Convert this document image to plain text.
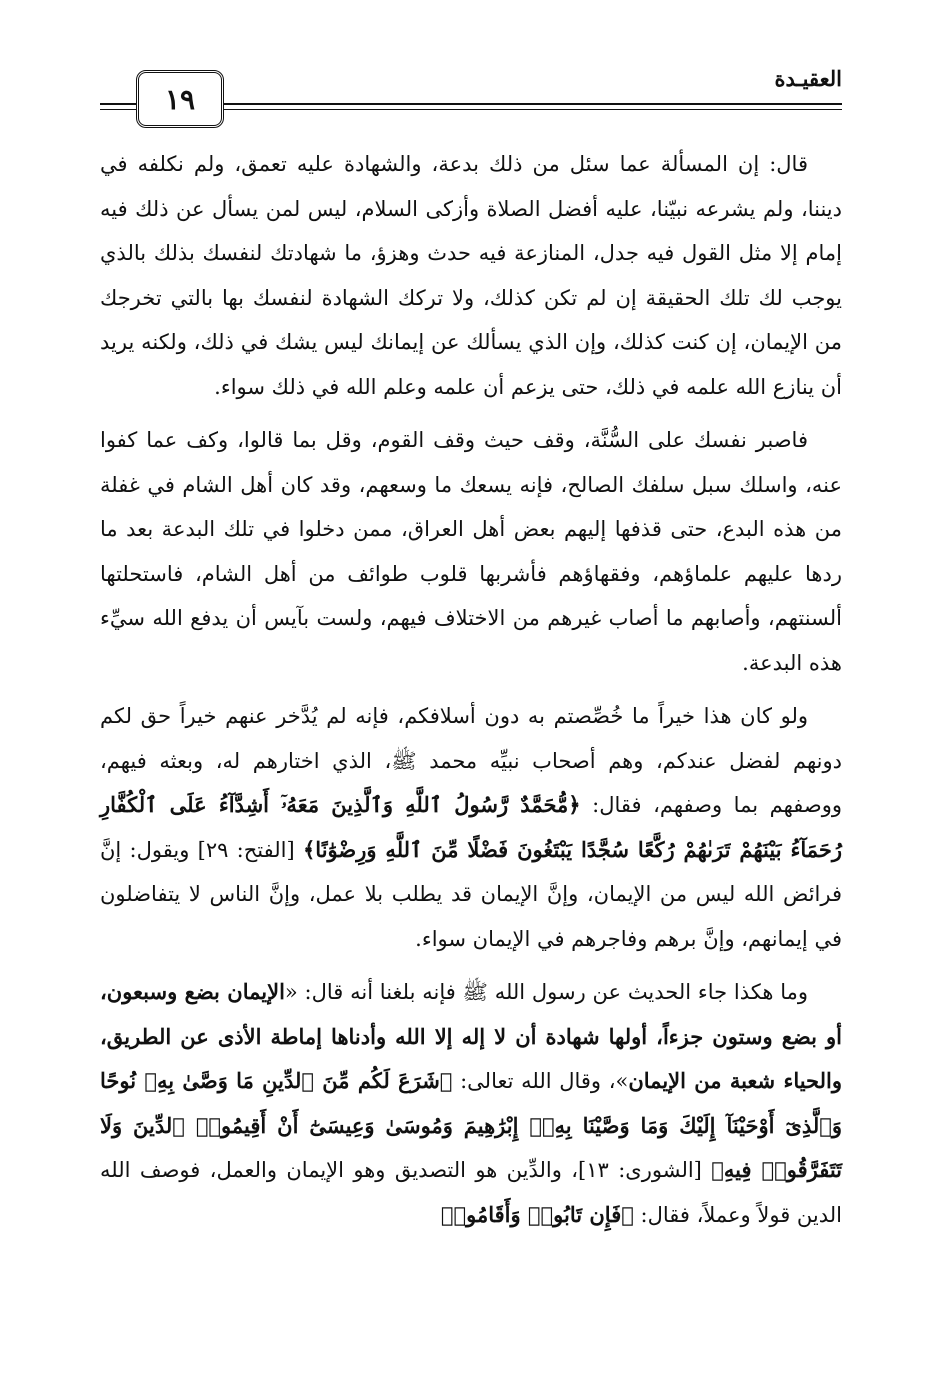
العقيـدة
١٩

قال: إن المسألة عما سئل من ذلك بدعة، والشهادة عليه تعمق، ولم نكلفه في ديننا، ولم يشرعه نبيّنا، عليه أفضل الصلاة وأزكى السلام، ليس لمن يسأل عن ذلك فيه إمام إلا مثل القول فيه جدل، المنازعة فيه حدث وهزؤ، ما شهادتك لنفسك بذلك بالذي يوجب لك تلك الحقيقة إن لم تكن كذلك، ولا تركك الشهادة لنفسك بها بالتي تخرجك من الإيمان، إن كنت كذلك، وإن الذي يسألك عن إيمانك ليس يشك في ذلك، ولكنه يريد أن ينازع الله علمه في ذلك، حتى يزعم أن علمه وعلم الله في ذلك سواء.

فاصبر نفسك على السُّنَّة، وقف حيث وقف القوم، وقل بما قالوا، وكف عما كفوا عنه، واسلك سبل سلفك الصالح، فإنه يسعك ما وسعهم، وقد كان أهل الشام في غفلة من هذه البدع، حتى قذفها إليهم بعض أهل العراق، ممن دخلوا في تلك البدعة بعد ما ردها عليهم علماؤهم، وفقهاؤهم فأشربها قلوب طوائف من أهل الشام، فاستحلتها ألسنتهم، وأصابهم ما أصاب غيرهم من الاختلاف فيهم، ولست بآيس أن يدفع الله سيِّء هذه البدعة.

ولو كان هذا خيراً ما خُصِّصتم به دون أسلافكم، فإنه لم يُدَّخر عنهم خيراً حق لكم دونهم لفضل عندكم، وهم أصحاب نبيِّه محمد ﷺ، الذي اختارهم له، وبعثه فيهم، ووصفهم بما وصفهم، فقال: ﴿مُّحَمَّدٌ رَّسُولُ ٱللَّهِ وَٱلَّذِينَ مَعَهُۥٓ أَشِدَّآءُ عَلَى ٱلْكُفَّارِ رُحَمَآءُ بَيْنَهُمْ تَرَىٰهُمْ رُكَّعًا سُجَّدًا يَبْتَغُونَ فَضْلًا مِّنَ ٱللَّهِ وَرِضْوَٰنًا﴾ [الفتح: ٢٩] ويقول: إنَّ فرائض الله ليس من الإيمان، وإنَّ الإيمان قد يطلب بلا عمل، وإنَّ الناس لا يتفاضلون في إيمانهم، وإنَّ برهم وفاجرهم في الإيمان سواء.

وما هكذا جاء الحديث عن رسول الله ﷺ فإنه بلغنا أنه قال: «الإيمان بضع وسبعون، أو بضع وستون جزءاً، أولها شهادة أن لا إله إلا الله وأدناها إماطة الأذى عن الطريق، والحياء شعبة من الإيمان»، وقال الله تعالى: ﴿شَرَعَ لَكُم مِّنَ ٱلدِّينِ مَا وَصَّىٰ بِهِۦ نُوحًا وَٱلَّذِىٓ أَوْحَيْنَآ إِلَيْكَ وَمَا وَصَّيْنَا بِهِۦٓ إِبْرَٰهِيمَ وَمُوسَىٰ وَعِيسَىٰٓ أَنْ أَقِيمُوا۟ ٱلدِّينَ وَلَا تَتَفَرَّقُوا۟ فِيهِ﴾ [الشورى: ١٣]، والدِّين هو التصديق وهو الإيمان والعمل، فوصف الله الدين قولاً وعملاً، فقال: ﴿فَإِن تَابُوا۟ وَأَقَامُوا۟
